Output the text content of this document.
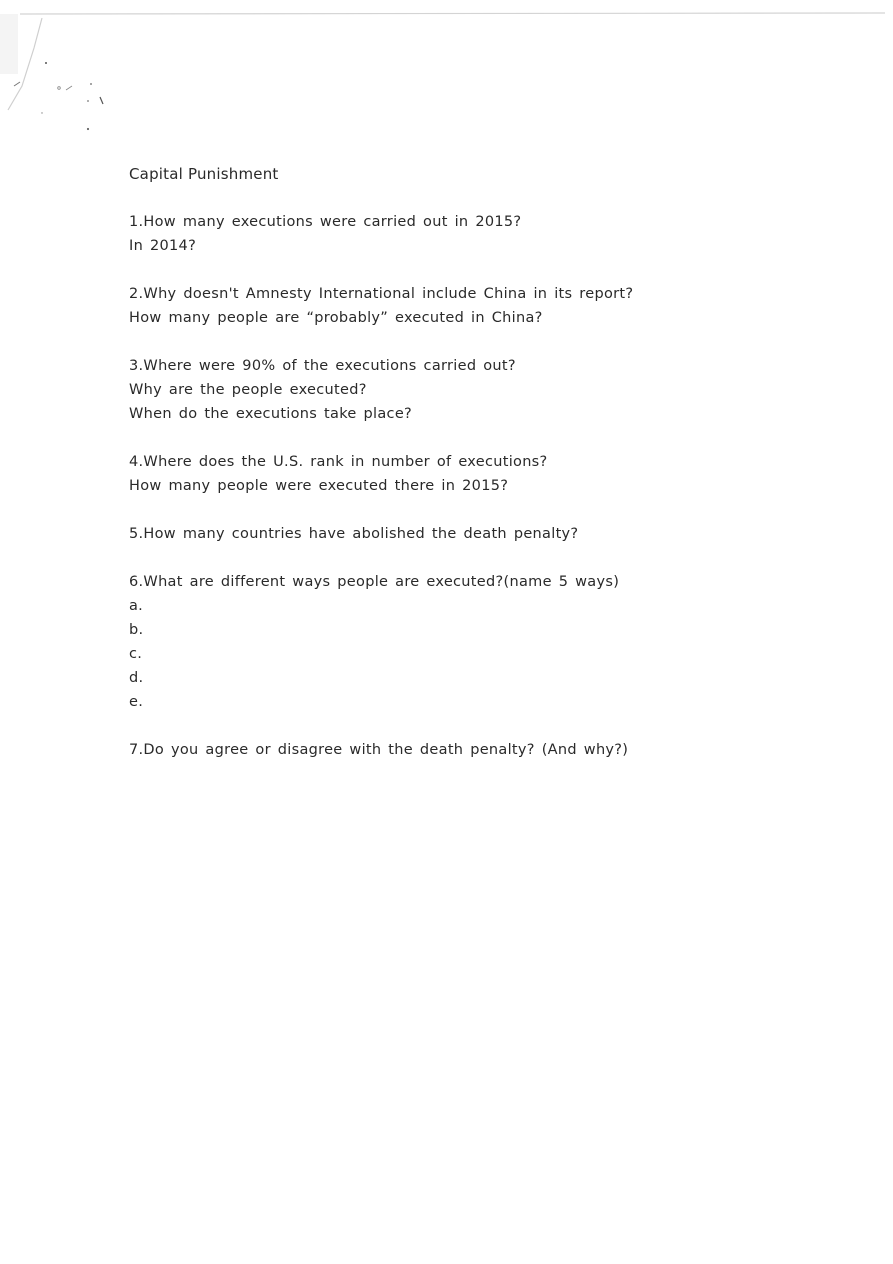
Capital Punishment
1.How many executions were carried out in 2015?
In 2014?
2.Why doesn't Amnesty International include China in its report?
How many people are “probably” executed in China?
3.Where were 90% of the executions carried out?
Why are the people executed?
When do the executions take place?
4.Where does the U.S. rank in number of executions?
How many people were executed there in 2015?
5.How many countries have abolished the death penalty?
6.What are different ways people are executed?(name 5 ways)
a.
b.
c.
d.
e.
7.Do you agree or disagree with the death penalty? (And why?)
